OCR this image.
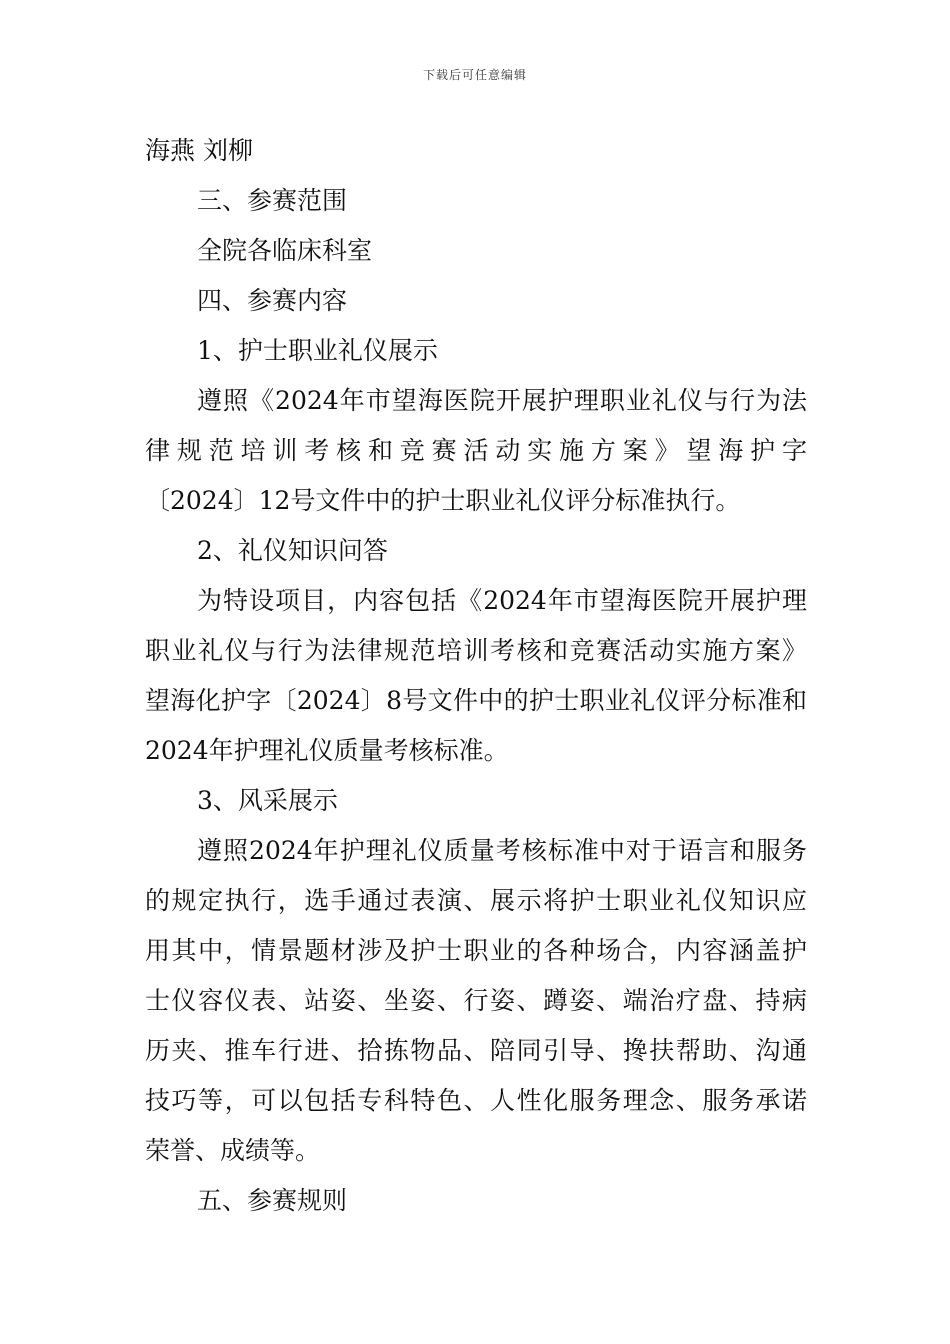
下载后可任意编辑
海燕 刘柳
三、参赛范围
全院各临床科室
四、参赛内容
1、护士职业礼仪展示
遵照《2024年市望海医院开展护理职业礼仪与行为法
律规范培训考核和竞赛活动实施方案》望海护字
〔2024〕12号文件中的护士职业礼仪评分标准执行。
2、礼仪知识问答
为特设项目，内容包括《2024年市望海医院开展护理
职业礼仪与行为法律规范培训考核和竞赛活动实施方案》
望海化护字〔2024〕8号文件中的护士职业礼仪评分标准和
2024年护理礼仪质量考核标准。
3、风采展示
遵照2024年护理礼仪质量考核标准中对于语言和服务
的规定执行，选手通过表演、展示将护士职业礼仪知识应
用其中，情景题材涉及护士职业的各种场合，内容涵盖护
士仪容仪表、站姿、坐姿、行姿、蹲姿、端治疗盘、持病
历夹、推车行进、拾拣物品、陪同引导、搀扶帮助、沟通
技巧等，可以包括专科特色、人性化服务理念、服务承诺
荣誉、成绩等。
五、参赛规则
